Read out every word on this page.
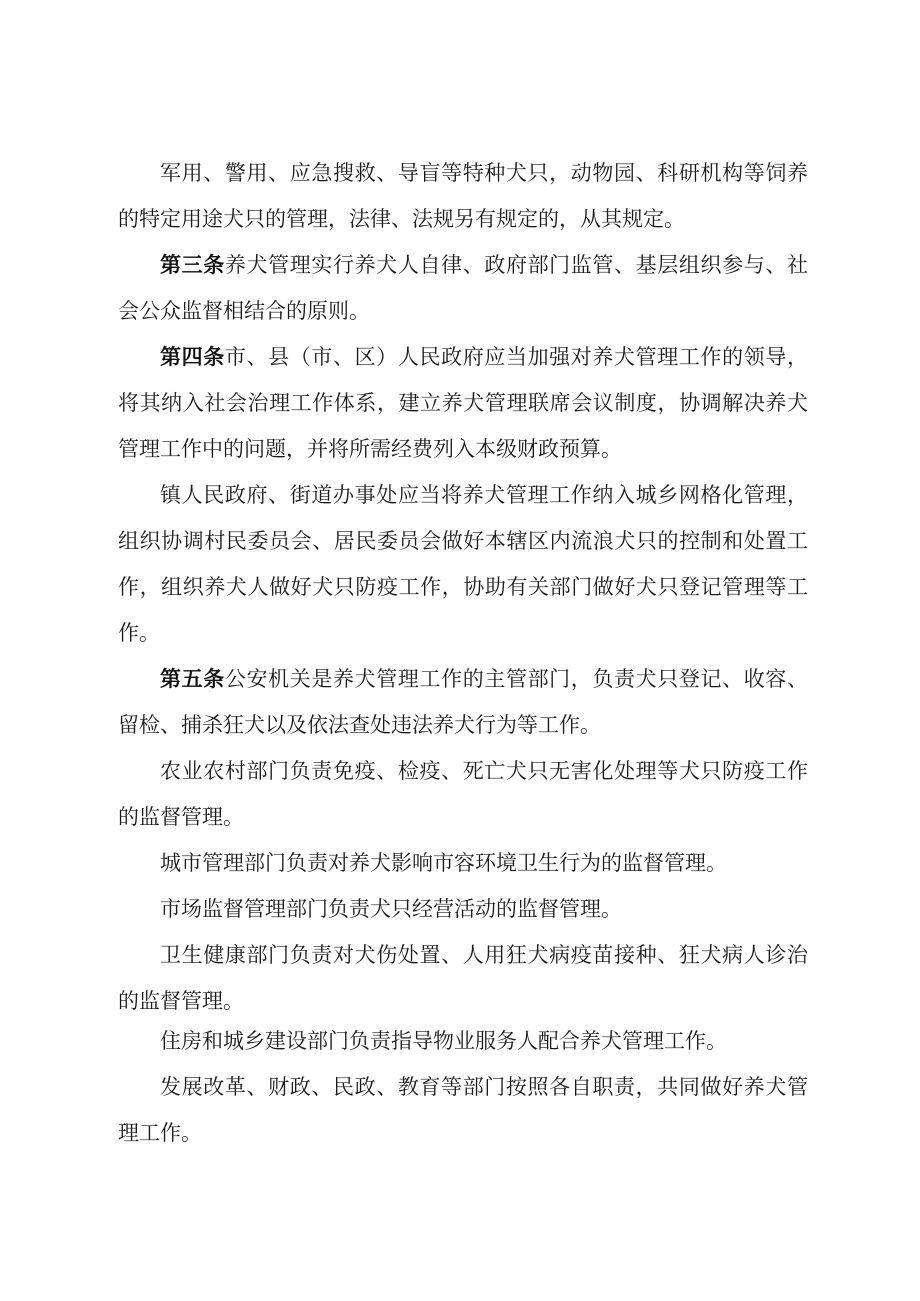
军用、警用、应急搜救、导盲等特种犬只，动物园、科研机构等饲养的特定用途犬只的管理，法律、法规另有规定的，从其规定。

第三条养犬管理实行养犬人自律、政府部门监管、基层组织参与、社会公众监督相结合的原则。

第四条市、县（市、区）人民政府应当加强对养犬管理工作的领导，将其纳入社会治理工作体系，建立养犬管理联席会议制度，协调解决养犬管理工作中的问题，并将所需经费列入本级财政预算。

镇人民政府、街道办事处应当将养犬管理工作纳入城乡网格化管理，组织协调村民委员会、居民委员会做好本辖区内流浪犬只的控制和处置工作，组织养犬人做好犬只防疫工作，协助有关部门做好犬只登记管理等工作。

第五条公安机关是养犬管理工作的主管部门，负责犬只登记、收容、留检、捕杀狂犬以及依法查处违法养犬行为等工作。

农业农村部门负责免疫、检疫、死亡犬只无害化处理等犬只防疫工作的监督管理。

城市管理部门负责对养犬影响市容环境卫生行为的监督管理。

市场监督管理部门负责犬只经营活动的监督管理。

卫生健康部门负责对犬伤处置、人用狂犬病疫苗接种、狂犬病人诊治的监督管理。

住房和城乡建设部门负责指导物业服务人配合养犬管理工作。

发展改革、财政、民政、教育等部门按照各自职责，共同做好养犬管理工作。
